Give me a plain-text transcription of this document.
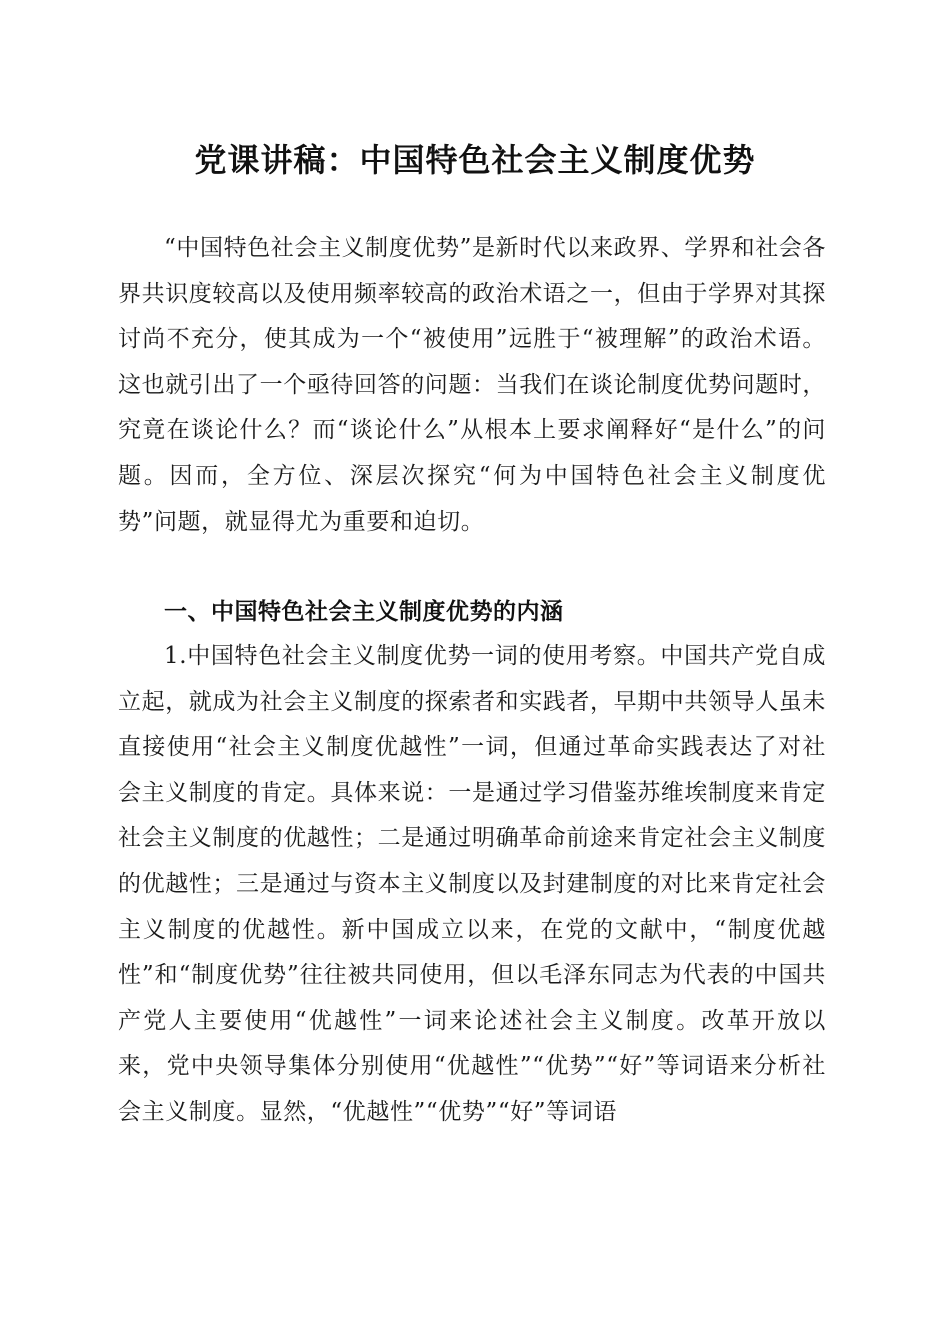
党课讲稿：中国特色社会主义制度优势

“中国特色社会主义制度优势”是新时代以来政界、学界和社会各界共识度较高以及使用频率较高的政治术语之一，但由于学界对其探讨尚不充分，使其成为一个“被使用”远胜于“被理解”的政治术语。这也就引出了一个亟待回答的问题：当我们在谈论制度优势问题时，究竟在谈论什么？而“谈论什么”从根本上要求阐释好“是什么”的问题。因而，全方位、深层次探究“何为中国特色社会主义制度优势”问题，就显得尤为重要和迫切。

一、中国特色社会主义制度优势的内涵

1.中国特色社会主义制度优势一词的使用考察。中国共产党自成立起，就成为社会主义制度的探索者和实践者，早期中共领导人虽未直接使用“社会主义制度优越性”一词，但通过革命实践表达了对社会主义制度的肯定。具体来说：一是通过学习借鉴苏维埃制度来肯定社会主义制度的优越性；二是通过明确革命前途来肯定社会主义制度的优越性；三是通过与资本主义制度以及封建制度的对比来肯定社会主义制度的优越性。新中国成立以来，在党的文献中，“制度优越性”和“制度优势”往往被共同使用，但以毛泽东同志为代表的中国共产党人主要使用“优越性”一词来论述社会主义制度。改革开放以来，党中央领导集体分别使用“优越性”“优势”“好”等词语来分析社会主义制度。显然，“优越性”“优势”“好”等词语
